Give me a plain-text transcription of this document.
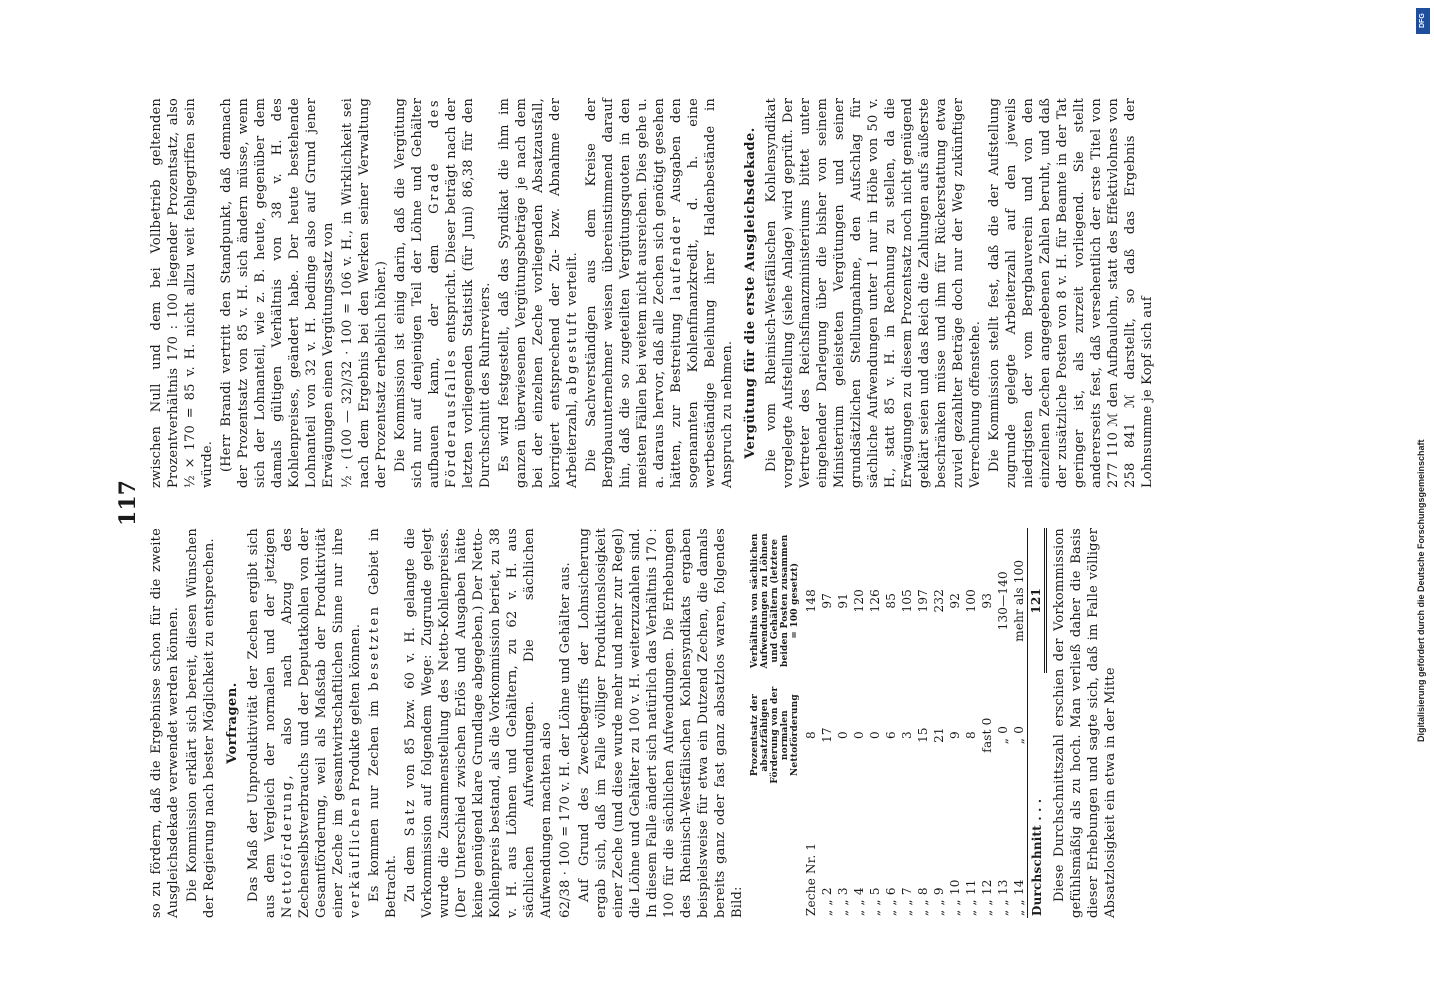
117

so zu fördern, daß die Ergebnisse schon für die zweite Ausgleichsdekade verwendet werden können. Die Kommission erklärt sich bereit, diesen Wünschen der Regierung nach bester Möglichkeit zu entsprechen. Vorfragen. Das Maß der Unproduktivität der Zechen ergibt sich aus dem Vergleich der normalen und der jetzigen Nettoförderung, also nach Abzug des Zechenselbstverbrauchs und der Deputatkohlen von der Gesamtförderung, weil als Maßstab der Produktivität einer Zeche im gesamtwirtschaftlichen Sinne nur ihre verkäuflichen Produkte gelten können. Es kommen nur Zechen im besetzten Gebiet in Betracht. Zu dem Satz von 85 bzw. 60 v. H. gelangte die Vorkommission auf folgendem Wege: Zugrunde gelegt wurde die Zusammenstellung des Netto-Kohlenpreises. (Der Unterschied zwischen Erlös und Ausgaben hätte keine genügend klare Grundlage abgegeben.) Der Netto-Kohlenpreis bestand, als die Vorkommission beriet, zu 38 v. H. aus Löhnen und Gehältern, zu 62 v. H. aus sächlichen Aufwendungen. Die sächlichen Aufwendungen machten also 62/38 · 100 = 170 v. H. der Löhne und Gehälter aus. Auf Grund des Zweckbegriffs der Lohnsicherung ergab sich, daß im Falle völliger Produktionslosigkeit einer Zeche (und diese wurde mehr und mehr zur Regel) die Löhne und Gehälter zu 100 v. H. weiterzuzahlen sind. In diesem Falle ändert sich natürlich das Verhältnis 170 : 100 für die sächlichen Aufwendungen. Die Erhebungen des Rheinisch-Westfälischen Kohlensyndikats ergaben beispielsweise für etwa ein Dutzend Zechen, die damals bereits ganz oder fast ganz absatzlos waren, folgendes Bild:

	Prozentsatz der absatzfähigen Förderung von der normalen Nettoförderung	Verhältnis von sächlichen Aufwendungen zu Löhnen und Gehältern (letztere beiden Posten zusammen = 100 gesetzt)
Zeche Nr. 1	8	148
„ „ 2	17	97
„ „ 3	0	91
„ „ 4	0	120
„ „ 5	0	126
„ „ 6	6	85
„ „ 7	3	105
„ „ 8	15	197
„ „ 9	21	232
„ „ 10	9	92
„ „ 11	8	100
„ „ 12	fast 0	93
„ „ 13	„ 0	130—140
„ „ 14	„ 0	mehr als 100
Durchschnitt . . .		121 Diese Durchschnittszahl erschien der Vorkommission gefühlsmäßig als zu hoch. Man verließ daher die Basis dieser Erhebungen und sagte sich, daß im Falle völliger Absatzlosigkeit ein etwa in der Mitte

zwischen Null und dem bei Vollbetrieb geltenden Prozentverhältnis 170 : 100 liegender Prozentsatz, also ½ × 170 = 85 v. H. nicht allzu weit fehlgegriffen sein würde. (Herr Brandi vertritt den Standpunkt, daß demnach der Prozentsatz von 85 v. H. sich ändern müsse, wenn sich der Lohnanteil, wie z. B. heute, gegenüber dem damals gültigen Verhältnis von 38 v. H. des Kohlenpreises, geändert habe. Der heute bestehende Lohnanteil von 32 v. H. bedinge also auf Grund jener Erwägungen einen Vergütungssatz von ½ · (100 — 32)/32 · 100 = 106 v. H., in Wirklichkeit sei nach dem Ergebnis bei den Werken seiner Verwaltung der Prozentsatz erheblich höher.) Die Kommission ist einig darin, daß die Vergütung sich nur auf denjenigen Teil der Löhne und Gehälter aufbauen kann, der dem Grade des Förderausfalles entspricht. Dieser beträgt nach der letzten vorliegenden Statistik (für Juni) 86,38 für den Durchschnitt des Ruhrreviers. Es wird festgestellt, daß das Syndikat die ihm im ganzen überwiesenen Vergütungsbeträge je nach dem bei der einzelnen Zeche vorliegenden Absatzausfall, korrigiert entsprechend der Zu- bzw. Abnahme der Arbeiterzahl, abgestuft verteilt. Die Sachverständigen aus dem Kreise der Bergbauunternehmer weisen übereinstimmend darauf hin, daß die so zugeteilten Vergütungsquoten in den meisten Fällen bei weitem nicht ausreichen. Dies gehe u. a. daraus hervor, daß alle Zechen sich genötigt gesehen hätten, zur Bestreitung laufender Ausgaben den sogenannten Kohlenfinanzkredit, d. h. eine wertbeständige Beleihung ihrer Haldenbestände in Anspruch zu nehmen. Vergütung für die erste Ausgleichsdekade. Die vom Rheinisch-Westfälischen Kohlensyndikat vorgelegte Aufstellung (siehe Anlage) wird geprüft. Der Vertreter des Reichsfinanzministeriums bittet unter eingehender Darlegung über die bisher von seinem Ministerium geleisteten Vergütungen und seiner grundsätzlichen Stellungnahme, den Aufschlag für sächliche Aufwendungen unter 1 nur in Höhe von 50 v. H., statt 85 v. H. in Rechnung zu stellen, da die Erwägungen zu diesem Prozentsatz noch nicht genügend geklärt seien und das Reich die Zahlungen aufs äußerste beschränken müsse und ihm für Rückerstattung etwa zuviel gezahlter Beträge doch nur der Weg zukünftiger Verrechnung offenstehe. Die Kommission stellt fest, daß die der Aufstellung zugrunde gelegte Arbeiterzahl auf den jeweils niedrigsten der vom Bergbauverein und von den einzelnen Zechen angegebenen Zahlen beruht, und daß der zusätzliche Posten von 8 v. H. für Beamte in der Tat geringer ist, als zurzeit vorliegend. Sie stellt andererseits fest, daß versehentlich der erste Titel von 277 110 ℳ den Aufbaulohn, statt des Effektivlohnes von 258 841 ℳ darstellt, so daß das Ergebnis der Lohnsumme je Kopf sich auf

Digitalisierung gefördert durch die Deutsche Forschungsgemeinschaft
DFG
